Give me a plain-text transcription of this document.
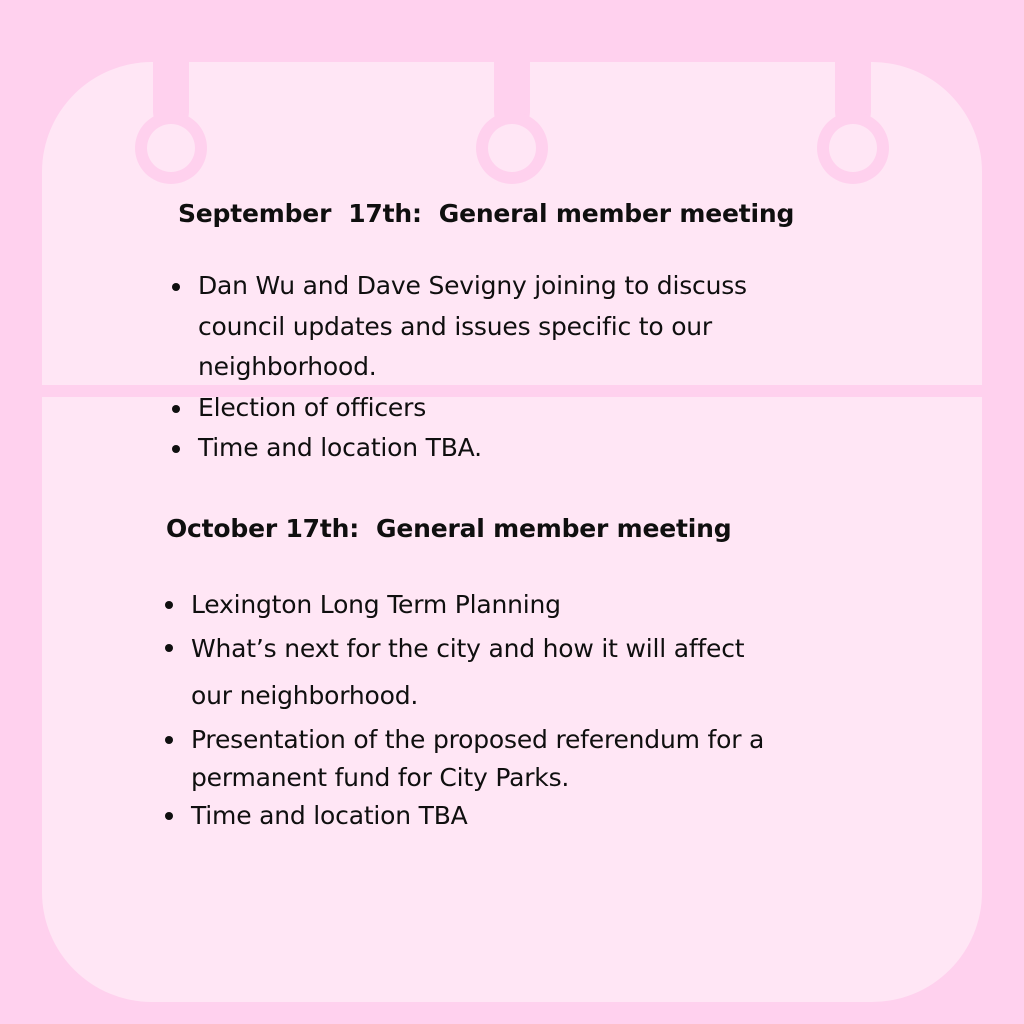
September  17th:  General member meeting
Dan Wu and Dave Sevigny joining to discuss
council updates and issues specific to our
neighborhood.
Election of officers
Time and location TBA.
October 17th:  General member meeting
Lexington Long Term Planning
What’s next for the city and how it will affect
our neighborhood.
Presentation of the proposed referendum for a
permanent fund for City Parks.
Time and location TBA
